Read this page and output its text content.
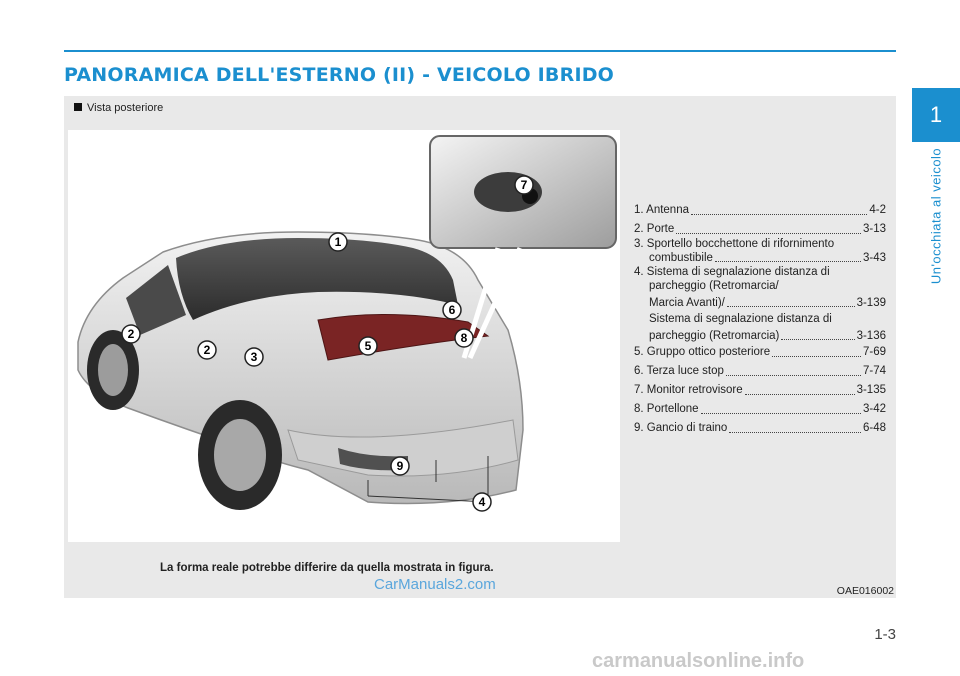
PANORAMICA DELL'ESTERNO (II) - VEICOLO IBRIDO
1
Un'occhiata al veicolo
Vista posteriore
1
2
2	3
4
5
6
7
8
9
1. Antenna	4-2
2. Porte	3-13
3. Sportello bocchettone di rifornimento
combustibile	3-43
4. Sistema di segnalazione distanza di
parcheggio (Retromarcia/
Marcia Avanti)/	3-139
Sistema di segnalazione distanza di
parcheggio (Retromarcia)	3-136
5. Gruppo ottico posteriore	7-69
6. Terza luce stop	7-74
7. Monitor retrovisore	3-135
8. Portellone	3-42
9. Gancio di traino	6-48
La forma reale potrebbe differire da quella mostrata in figura.
CarManuals2.com	OAE016002
1-3
carmanualsonline.info
